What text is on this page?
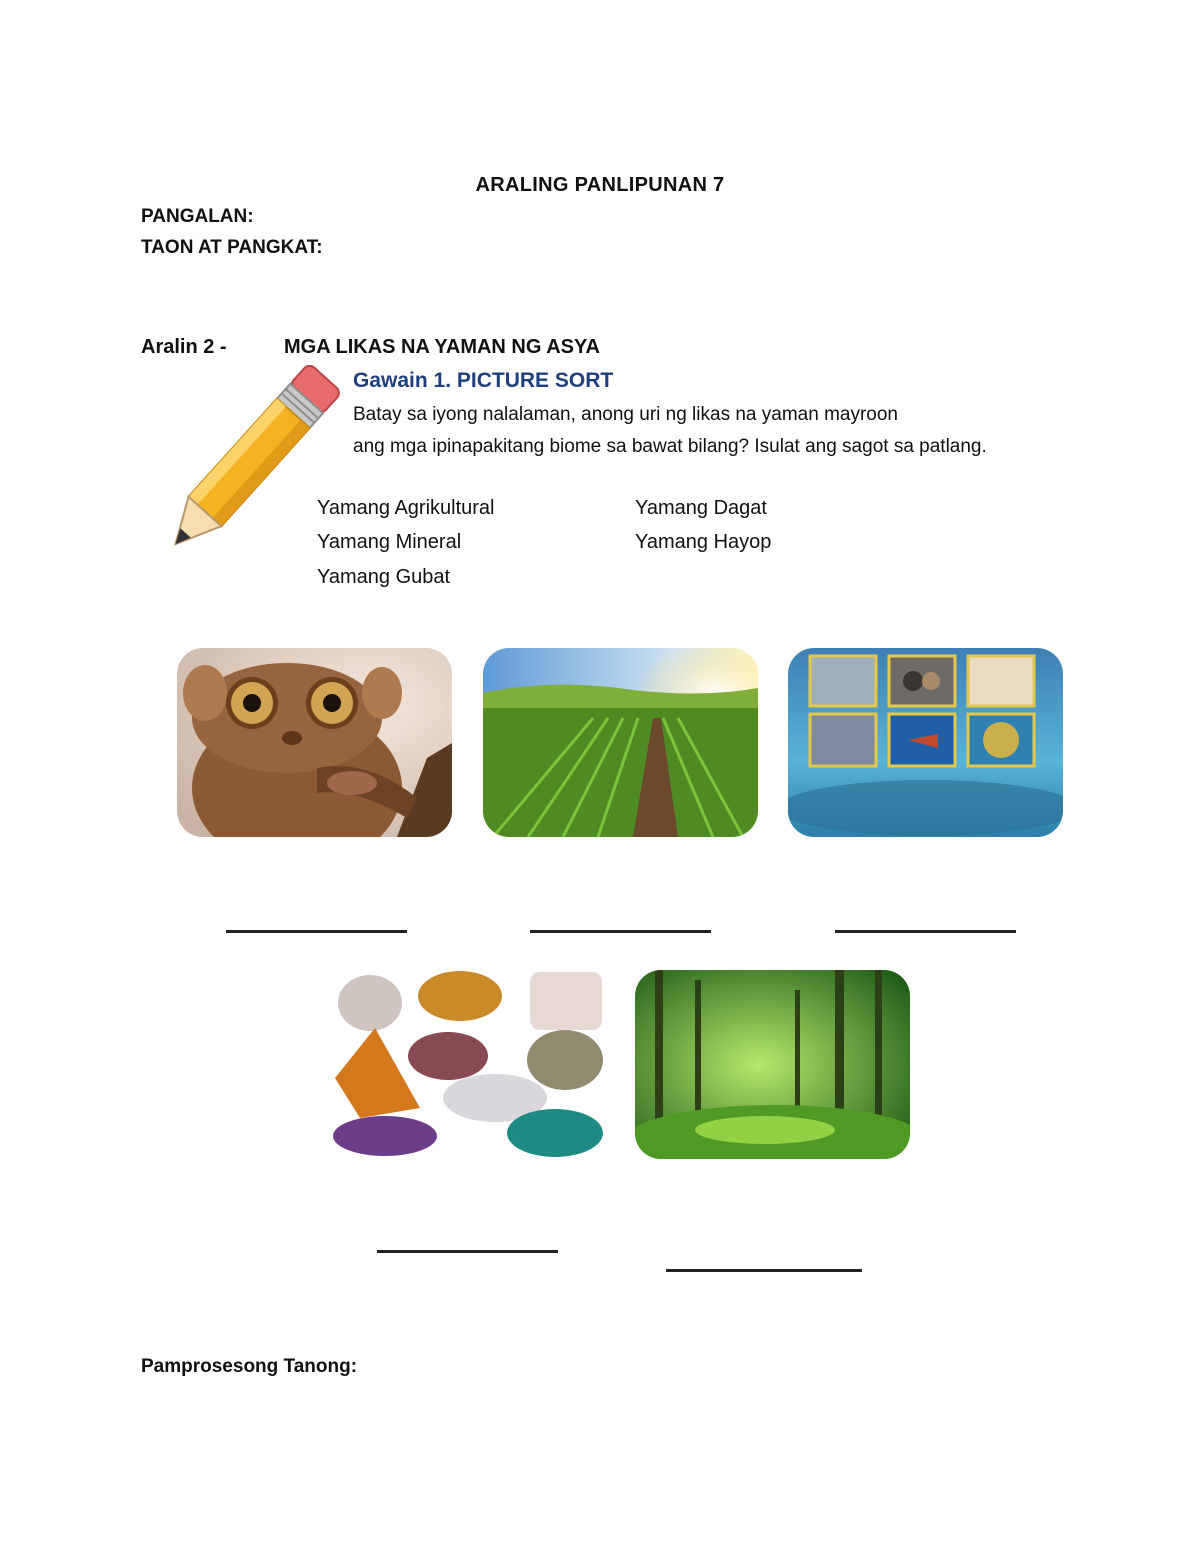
ARALING PANLIPUNAN 7
PANGALAN:
TAON AT PANGKAT:
Aralin 2 -	MGA LIKAS NA YAMAN NG ASYA
Gawain 1. PICTURE SORT
Batay sa iyong nalalaman, anong uri ng likas na yaman mayroon
ang mga ipinapakitang biome sa bawat bilang? Isulat ang sagot sa patlang.
Yamang Agrikultural
Yamang Mineral
Yamang Gubat
Yamang Dagat
Yamang Hayop
Pamprosesong Tanong:
